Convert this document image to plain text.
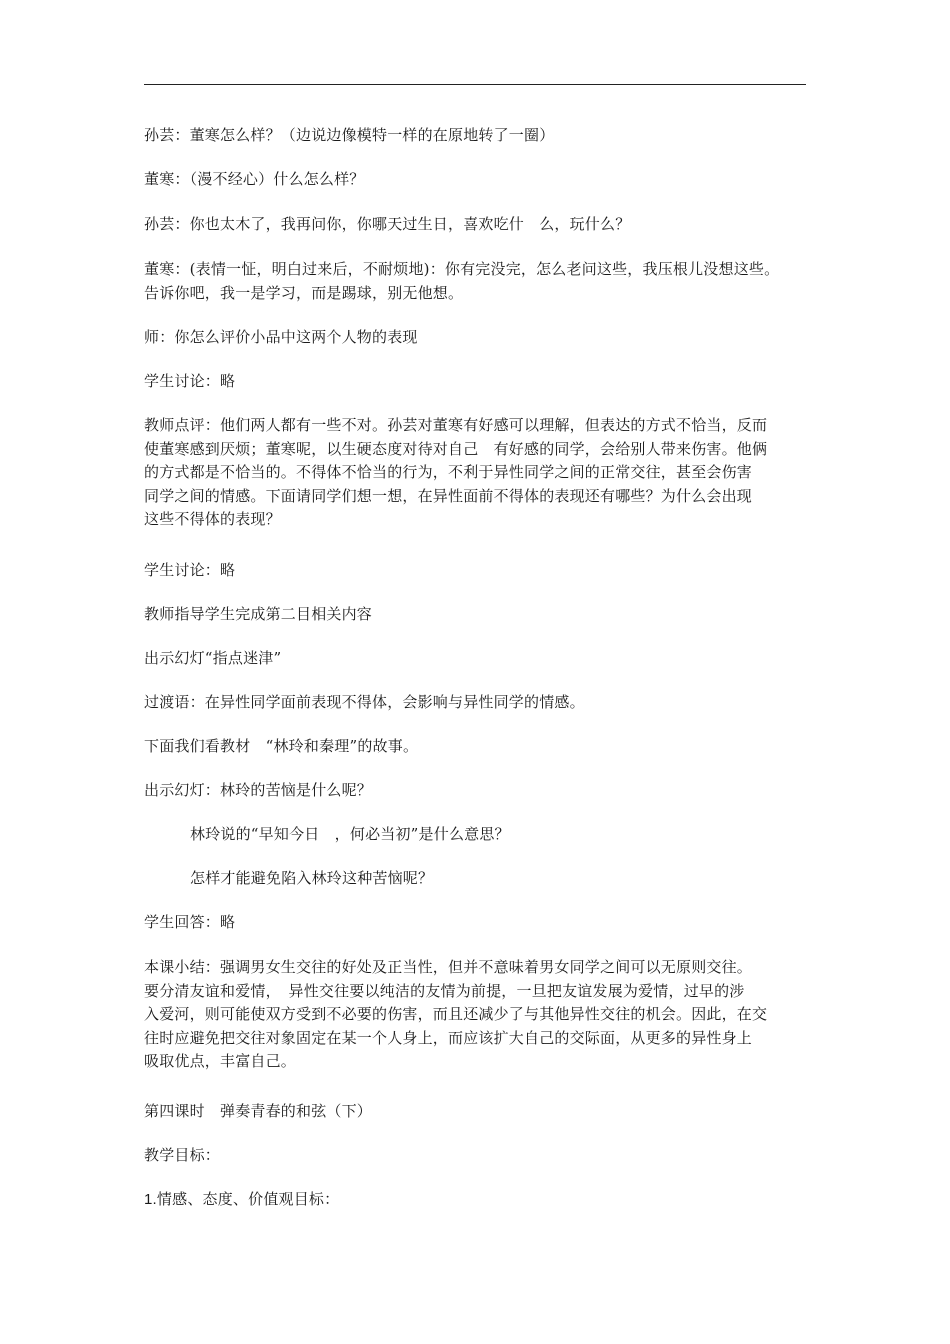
孙芸：董寒怎么样？（边说边像模特一样的在原地转了一圈）

董寒：（漫不经心）什么怎么样？

孙芸：你也太木了，我再问你，你哪天过生日，喜欢吃什　么，玩什么？

董寒：(表情一怔，明白过来后，不耐烦地)：你有完没完，怎么老问这些，我压根儿没想这些。
告诉你吧，我一是学习，而是踢球，别无他想。

师：你怎么评价小品中这两个人物的表现

学生讨论：略

教师点评：他们两人都有一些不对。孙芸对董寒有好感可以理解，但表达的方式不恰当，反而
使董寒感到厌烦；董寒呢，以生硬态度对待对自己　有好感的同学，会给别人带来伤害。他俩
的方式都是不恰当的。不得体不恰当的行为，不利于异性同学之间的正常交往，甚至会伤害
同学之间的情感。下面请同学们想一想，在异性面前不得体的表现还有哪些？为什么会出现
这些不得体的表现？

学生讨论：略

教师指导学生完成第二目相关内容

出示幻灯“指点迷津”

过渡语：在异性同学面前表现不得体，会影响与异性同学的情感。

下面我们看教材　“林玲和秦理”的故事。

出示幻灯：林玲的苦恼是什么呢？

林玲说的“早知今日　，何必当初”是什么意思？

怎样才能避免陷入林玲这种苦恼呢？

学生回答：略

本课小结：强调男女生交往的好处及正当性，但并不意味着男女同学之间可以无原则交往。
要分清友谊和爱情，　异性交往要以纯洁的友情为前提，一旦把友谊发展为爱情，过早的涉
入爱河，则可能使双方受到不必要的伤害，而且还减少了与其他异性交往的机会。因此，在交
往时应避免把交往对象固定在某一个人身上，而应该扩大自己的交际面，从更多的异性身上
吸取优点，丰富自己。

第四课时　弹奏青春的和弦（下）

教学目标：

1.情感、态度、价值观目标：
